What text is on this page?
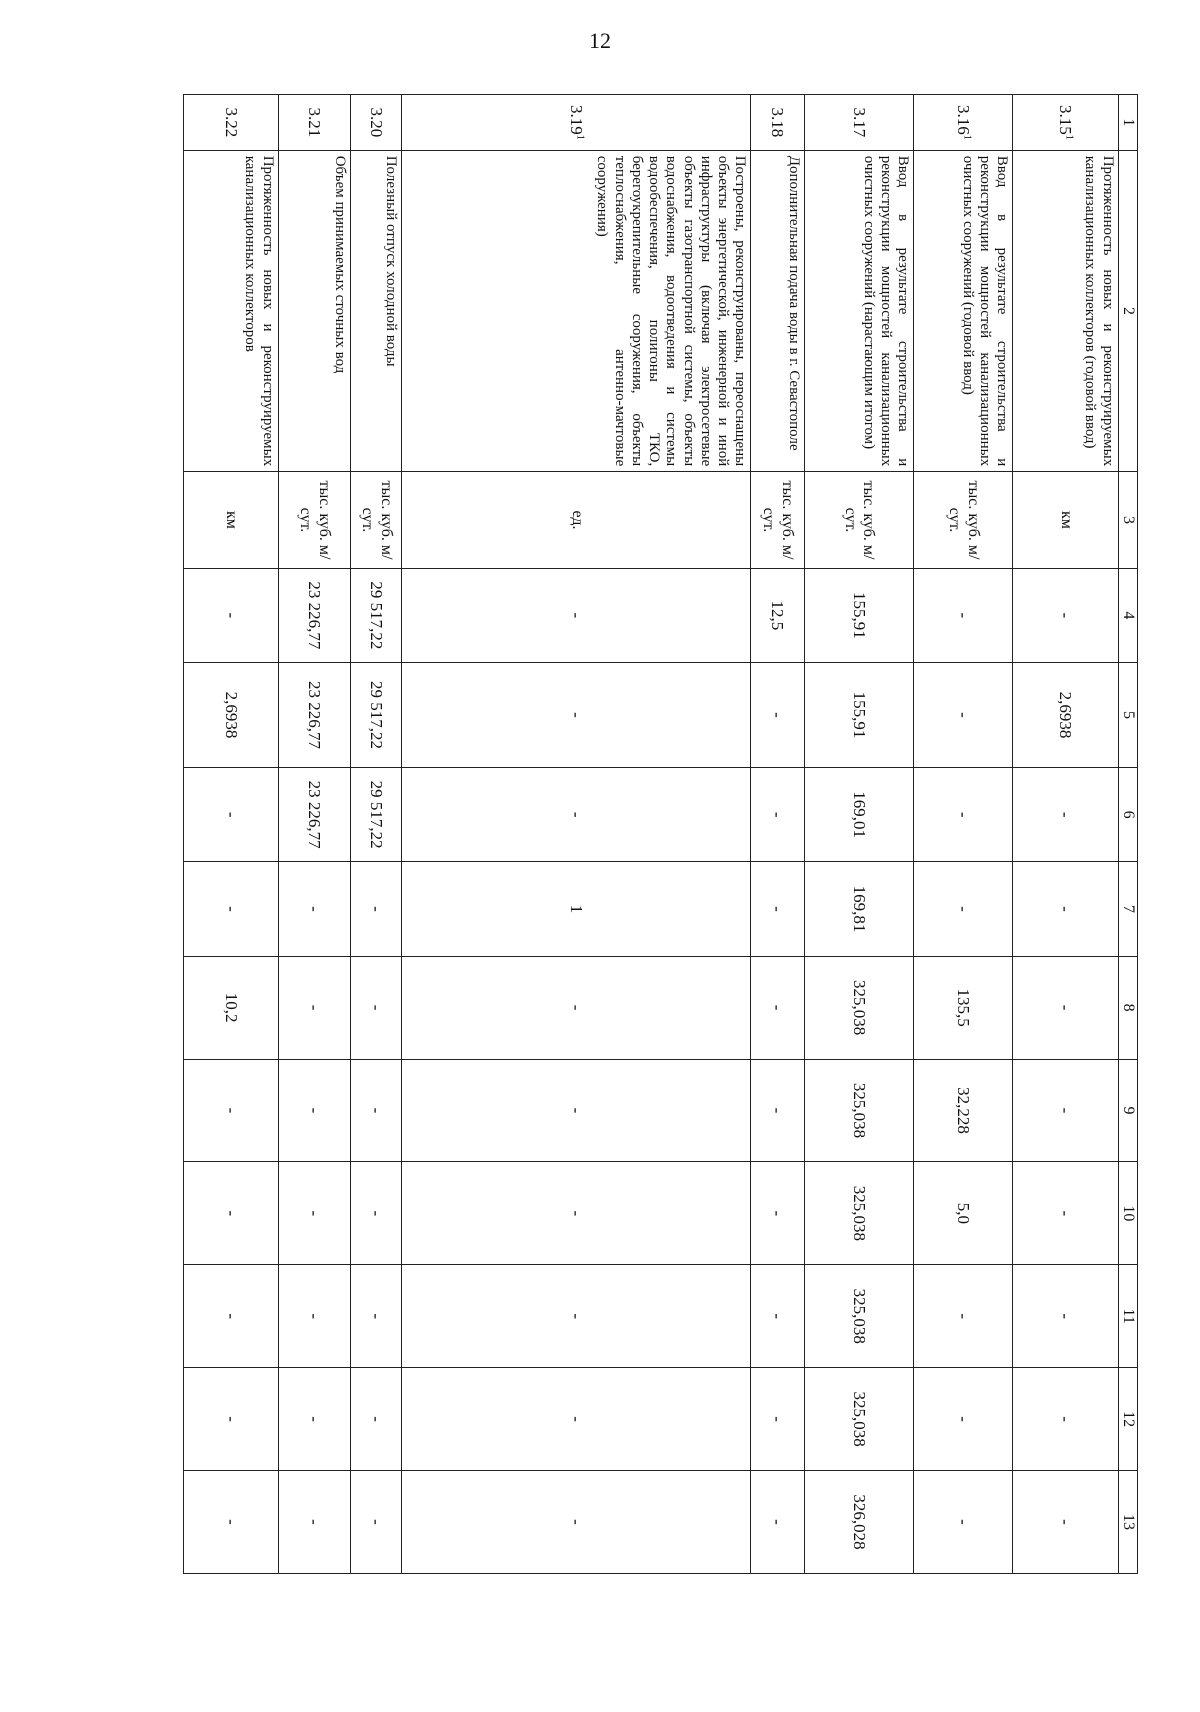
12
1	2	3	4	5	6	7	8	9	10	11	12	13
3.15$^1$	Протяженность новых и реконструируемых канализационных коллекторов (годовой ввод)	км	-	2,6938	-	-	-	-	-	-	-	-
3.16$^1$	Ввод в результате строительства и реконструкции мощностей канализационных очистных сооружений (годовой ввод)	тыс. куб. м/сут.	-	-	-	-	135,5	32,228	5,0	-	-	-
3.17	Ввод в результате строительства и реконструкции мощностей канализационных очистных сооружений (нарастающим итогом)	тыс. куб. м/сут.	155,91	155,91	169,01	169,81	325,038	325,038	325,038	325,038	325,038	326,028
3.18	Дополнительная подача воды в г. Севастополе	тыс. куб. м/сут.	12,5	-	-	-	-	-	-	-	-	-
3.19$^1$	Построены, реконструированы, переоснащены объекты энергетической, инженерной и иной инфраструктуры (включая электросетевые объекты газотранспортной системы, объекты водоснабжения, водоотведения и системы водообеспечения, полигоны ТКО, берегоукрепительные сооружения, объекты теплоснабжения, антенно-мачтовые сооружения)	ед.	-	-	-	1	-	-	-	-	-	-
3.20	Полезный отпуск холодной воды	тыс. куб. м/сут.	29 517,22	29 517,22	29 517,22	-	-	-	-	-	-	-
3.21	Объем принимаемых сточных вод	тыс. куб. м/сут.	23 226,77	23 226,77	23 226,77	-	-	-	-	-	-	-
3.22	Протяженность новых и реконструируемых канализационных коллекторов	км	-	2,6938	-	-	10,2	-	-	-	-	-
